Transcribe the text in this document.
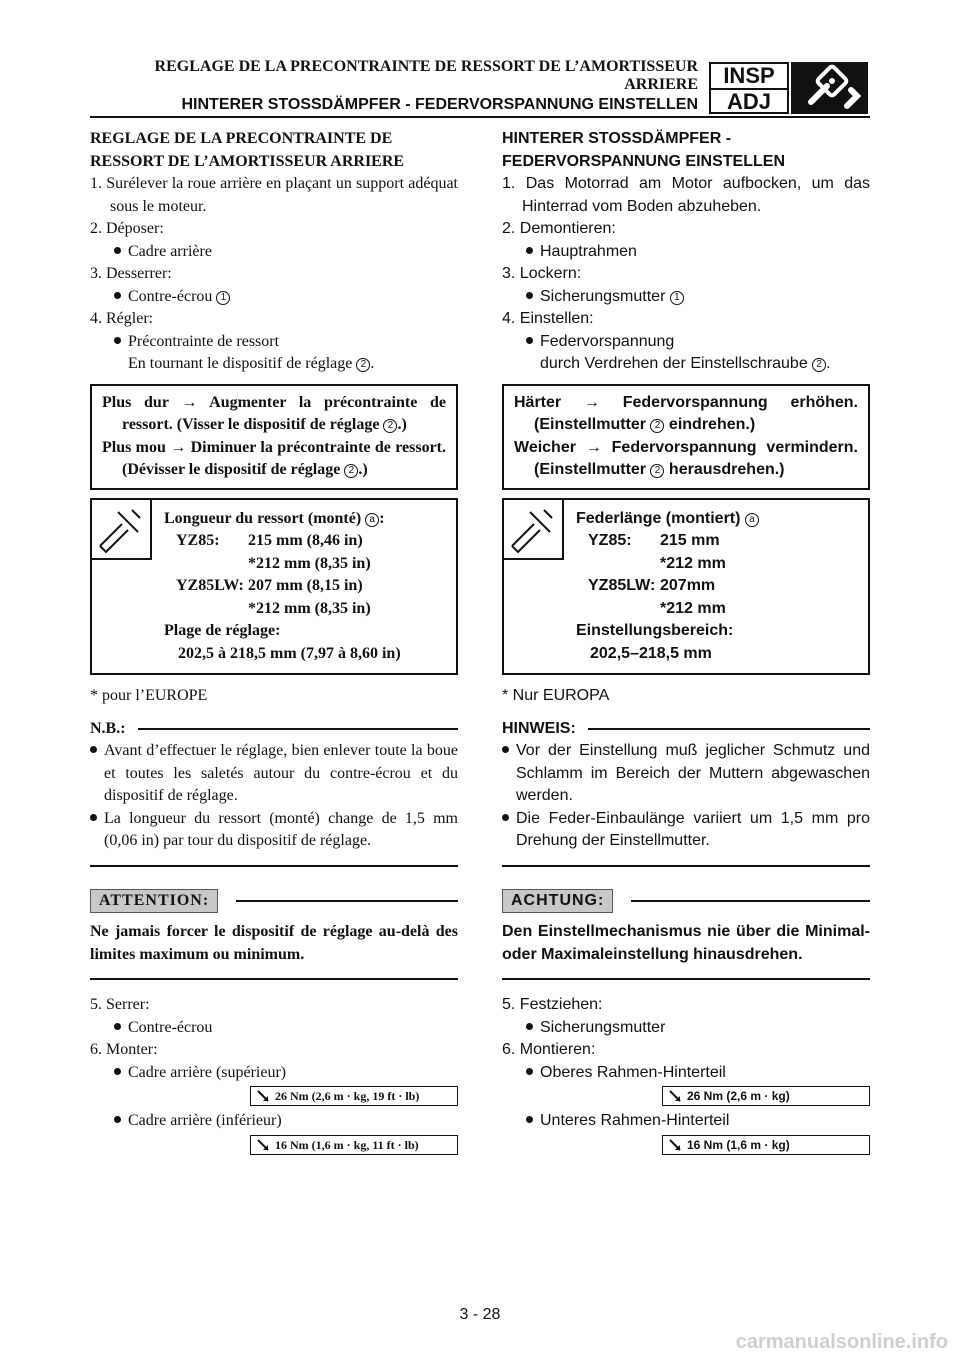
REGLAGE DE LA PRECONTRAINTE DE RESSORT DE L’AMORTISSEUR
ARRIERE
HINTERER STOSSDÄMPFER - FEDERVORSPANNUNG EINSTELLEN
INSP
ADJ

REGLAGE DE LA PRECONTRAINTE DE

RESSORT DE L’AMORTISSEUR ARRIERE

1. Surélever la roue arrière en plaçant un support adéquat sous le moteur.

2. Déposer:

Cadre arrière

3. Desserrer:

Contre-écrou 1

4. Régler:

Précontrainte de ressort

En tournant le dispositif de réglage 2 .

Plus dur → Augmenter la précontrainte de ressort. (Visser le dispositif de réglage 2 .)

Plus mou → Diminuer la précontrainte de ressort. (Dévisser le dispositif de réglage 2 .)

Longueur du ressort (monté) a :

YZ85:	215 mm (8,46 in)
*212 mm (8,35 in)
YZ85LW: 207 mm (8,15 in)
*212 mm (8,35 in)

Plage de réglage:

202,5 à 218,5 mm (7,97 à 8,60 in)

* pour l’EUROPE

N.B.:

Avant d’effectuer le réglage, bien enlever toute la boue et toutes les saletés autour du contre-écrou et du dispositif de réglage.

La longueur du ressort (monté) change de 1,5 mm (0,06 in) par tour du dispositif de réglage.

ATTENTION:

Ne jamais forcer le dispositif de réglage au-delà des limites maximum ou minimum.

5. Serrer:

Contre-écrou

6. Monter:

Cadre arrière (supérieur)

26 Nm (2,6 m · kg, 19 ft · lb)

Cadre arrière (inférieur)

16 Nm (1,6 m · kg, 11 ft · lb)

HINTERER STOSSDÄMPFER -

FEDERVORSPANNUNG EINSTELLEN

1. Das Motorrad am Motor aufbocken, um das Hinterrad vom Boden abzuheben.

2. Demontieren:

Hauptrahmen

3. Lockern:

Sicherungsmutter 1

4. Einstellen:

Federvorspannung

durch Verdrehen der Einstellschraube 2 .

Härter → Federvorspannung erhöhen. (Einstellmutter 2 eindrehen.)

Weicher → Federvorspannung vermindern. (Einstellmutter 2 herausdrehen.)

Federlänge (montiert) a

YZ85:	215 mm
*212 mm
YZ85LW: 207mm
*212 mm

Einstellungsbereich:

202,5–218,5 mm

* Nur EUROPA

HINWEIS:

Vor der Einstellung muß jeglicher Schmutz und Schlamm im Bereich der Muttern abgewaschen werden.

Die Feder-Einbaulänge variiert um 1,5 mm pro Drehung der Einstellmutter.

ACHTUNG:

Den Einstellmechanismus nie über die Minimal- oder Maximaleinstellung hinausdrehen.

5. Festziehen:

Sicherungsmutter

6. Montieren:

Oberes Rahmen-Hinterteil

26 Nm (2,6 m · kg)

Unteres Rahmen-Hinterteil

16 Nm (1,6 m · kg)
3 - 28
carmanualsonline.info
